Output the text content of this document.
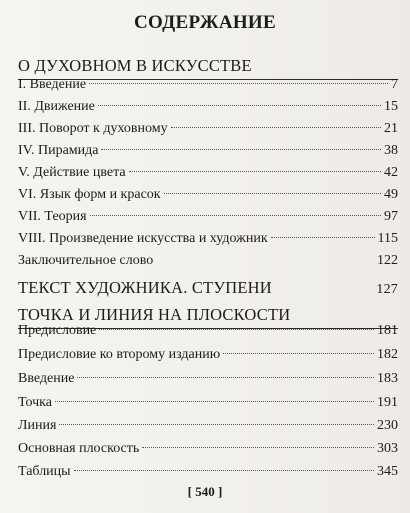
СОДЕРЖАНИЕ
О ДУХОВНОМ В ИСКУССТВЕ
I. Введение	7
II. Движение	15
III. Поворот к духовному	21
IV. Пирамида	38
V. Действие цвета	42
VI. Язык форм и красок	49
VII. Теория	97
VIII. Произведение искусства и художник	115
Заключительное слово	122
ТЕКСТ ХУДОЖНИКА. СТУПЕНИ	127
ТОЧКА И ЛИНИЯ НА ПЛОСКОСТИ
Предисловие	181
Предисловие ко второму изданию	182
Введение	183
Точка	191
Линия	230
Основная плоскость	303
Таблицы	345
[ 540 ]
